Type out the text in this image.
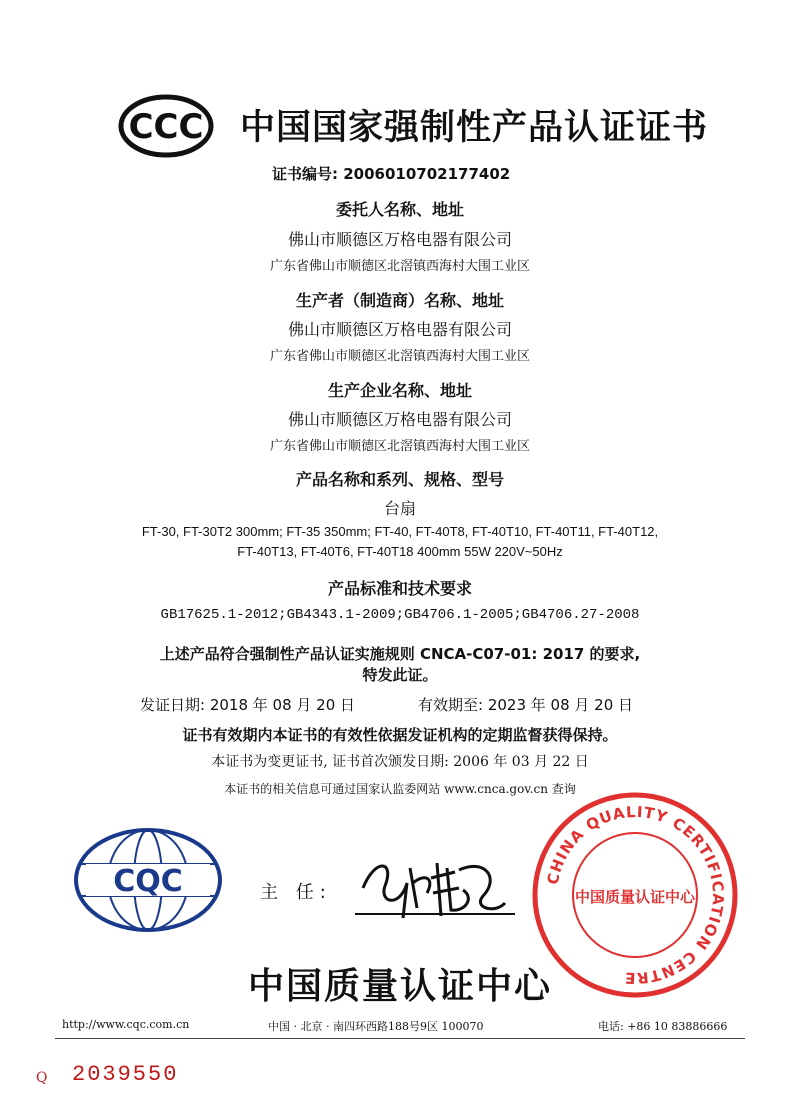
CCC 中国国家强制性产品认证证书
证书编号: 2006010702177402
委托人名称、地址
佛山市顺德区万格电器有限公司
广东省佛山市顺德区北滘镇西海村大围工业区
生产者（制造商）名称、地址
佛山市顺德区万格电器有限公司
广东省佛山市顺德区北滘镇西海村大围工业区
生产企业名称、地址
佛山市顺德区万格电器有限公司
广东省佛山市顺德区北滘镇西海村大围工业区
产品名称和系列、规格、型号
台扇
FT-30, FT-30T2 300mm; FT-35 350mm; FT-40, FT-40T8, FT-40T10, FT-40T11, FT-40T12,
FT-40T13, FT-40T6, FT-40T18 400mm 55W 220V~50Hz
产品标准和技术要求
GB17625.1-2012;GB4343.1-2009;GB4706.1-2005;GB4706.27-2008
上述产品符合强制性产品认证实施规则 CNCA-C07-01: 2017 的要求,
特发此证。
发证日期: 2018 年 08 月 20 日	有效期至: 2023 年 08 月 20 日
证书有效期内本证书的有效性依据发证机构的定期监督获得保持。
本证书为变更证书, 证书首次颁发日期: 2006 年 03 月 22 日
本证书的相关信息可通过国家认监委网站 www.cnca.gov.cn 查询
CQC	主 任:
CHINA QUALITY CERTIFICATION CENTRE
中国质量认证中心
中国质量认证中心
http://www.cqc.com.cn	中国 · 北京 · 南四环西路188号9区 100070	电话: +86 10 83886666
Q 2039550
